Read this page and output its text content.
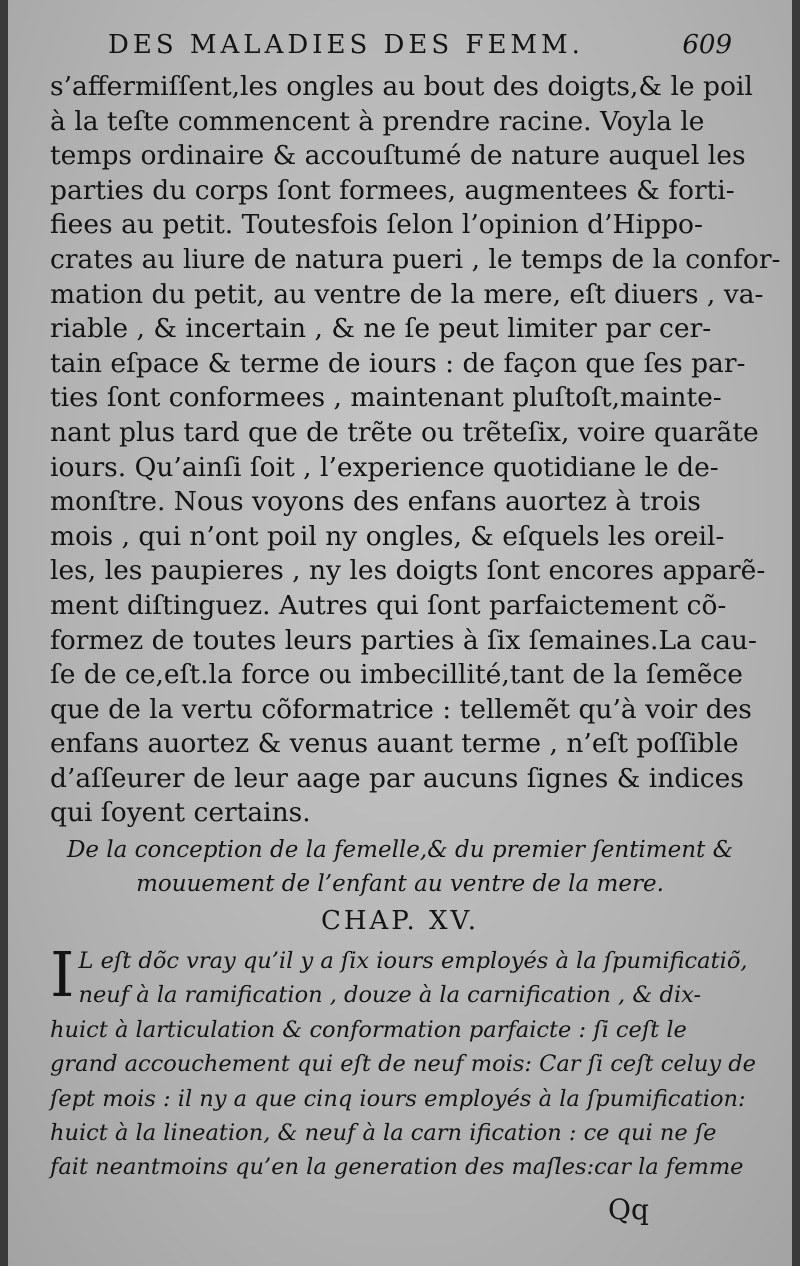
DES MALADIES DES FEMM.	609
s’affermiſſent,les ongles au bout des doigts,& le poil
à la teſte commencent à prendre racine. Voyla le
temps ordinaire & accouſtumé de nature auquel les
parties du corps ſont formees, augmentees & forti-
fiees au petit. Toutesfois ſelon l’opinion d’Hippo-
crates au liure de natura pueri , le temps de la confor-
mation du petit, au ventre de la mere, eſt diuers , va-
riable , & incertain , & ne ſe peut limiter par cer-
tain eſpace & terme de iours : de façon que ſes par-
ties ſont conformees , maintenant pluſtoſt,mainte-
nant plus tard que de trẽte ou trẽteſix, voire quarãte
iours. Qu’ainſi ſoit , l’experience quotidiane le de-
monſtre. Nous voyons des enfans auortez à trois
mois , qui n’ont poil ny ongles, & eſquels les oreil-
les, les paupieres , ny les doigts ſont encores apparẽ-
ment diſtinguez. Autres qui ſont parfaictement cõ-
formez de toutes leurs parties à ſix ſemaines.La cau-
ſe de ce,eſt.la force ou imbecillité,tant de la ſemẽce
que de la vertu cõformatrice : tellemẽt qu’à voir des
enfans auortez & venus auant terme , n’eſt poſſible
d’aſſeurer de leur aage par aucuns ſignes & indices
qui ſoyent certains.
De la conception de la femelle,& du premier ſentiment &
mouuement de l’enfant au ventre de la mere.
CHAP. XV.
I L eſt dõc vray qu’il y a ſix iours employés à la ſpumificatiõ,
neuf à la ramification , douze à la carnification , & dix-
huict à larticulation & conformation parfaicte : ſi ceſt le
grand accouchement qui eſt de neuf mois: Car ſi ceſt celuy de
ſept mois : il ny a que cinq iours employés à la ſpumification:
huict à la lineation, & neuf à la carn ification : ce qui ne ſe
fait neantmoins qu’en la generation des maſles:car la femme
Qq
